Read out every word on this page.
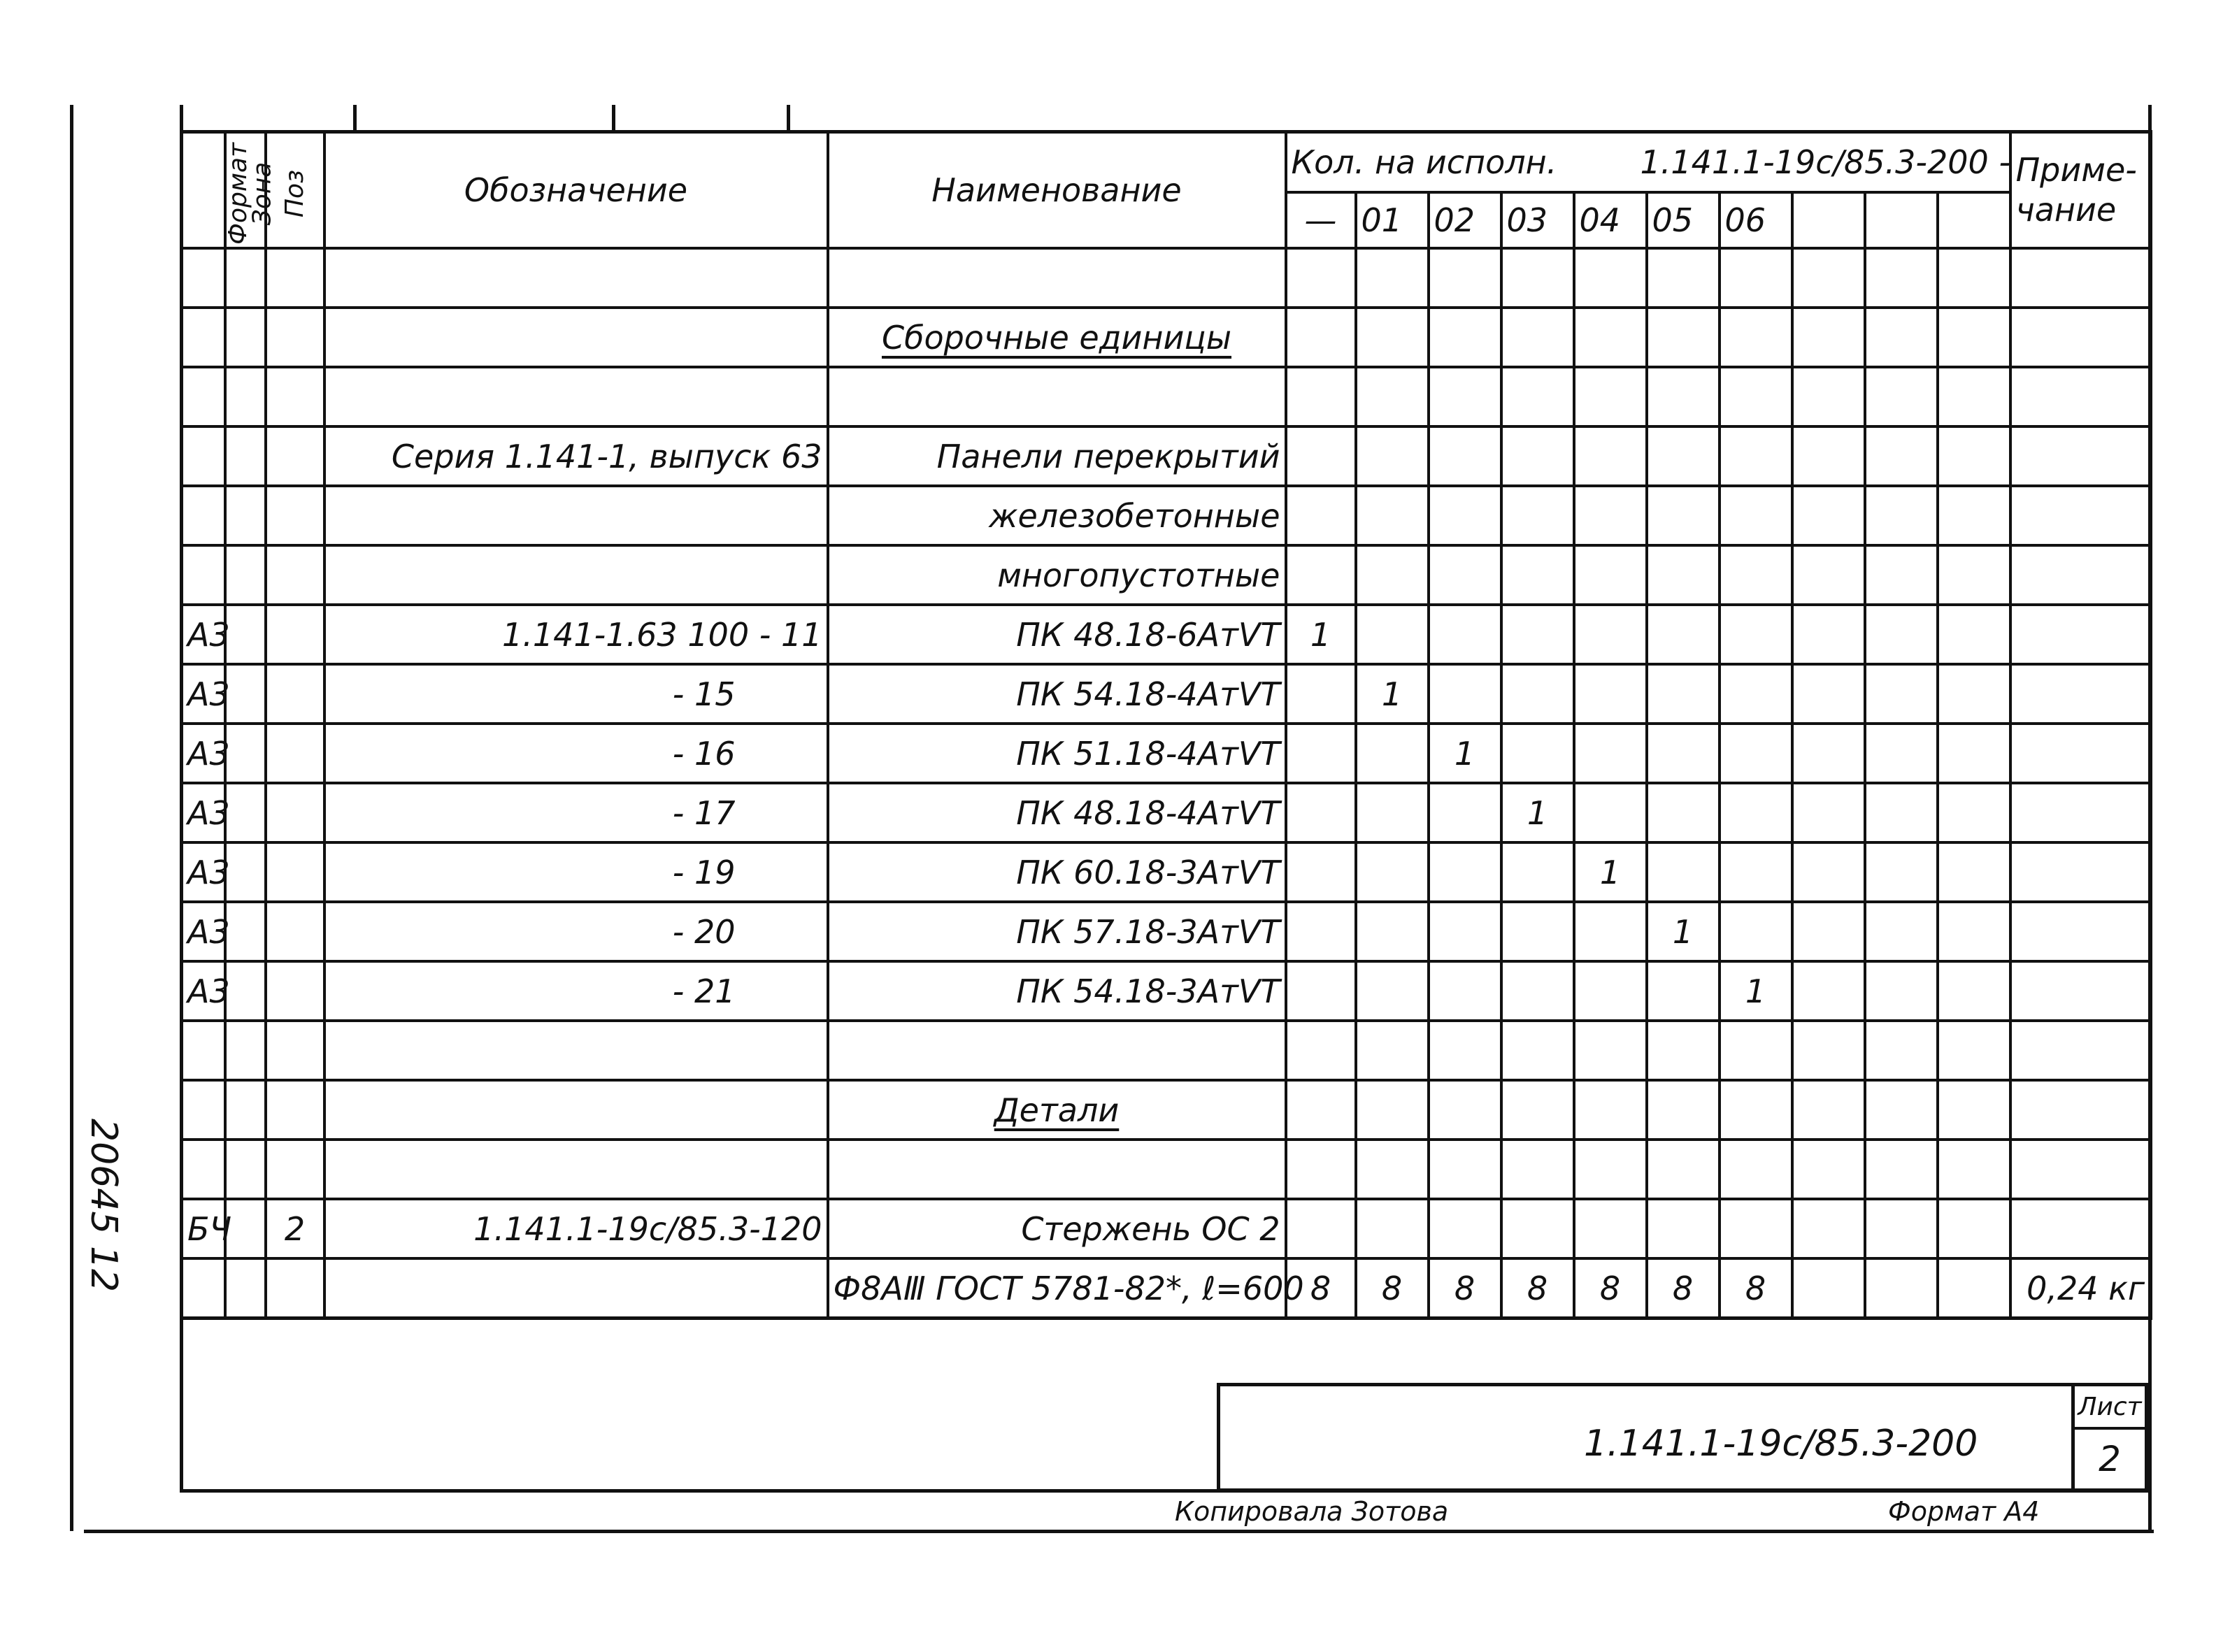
Формат	Зона	Поз	Обозначение	Наименование	Кол. на исполн. 1.141.1-19с/85.3-200 -										Приме-
чание
					—	01	02	03	04	05	06				

				Сборочные единицы											

			Серия 1.141-1, выпуск 63	Панели перекрытий											
				железобетонные											
				многопустотные											
А3			1.141-1.63 100 - 11	ПК 48.18-6АтⅤТ	1										
А3			- 15	ПК 54.18-4АтⅤТ		1									
А3			- 16	ПК 51.18-4АтⅤТ			1								
А3			- 17	ПК 48.18-4АтⅤТ				1							
А3			- 19	ПК 60.18-3АтⅤТ					1						
А3			- 20	ПК 57.18-3АтⅤТ						1					
А3			- 21	ПК 54.18-3АтⅤТ							1				

				Детали											

БЧ		2	1.141.1-19с/85.3-120	Стержень ОС 2											
				Ф8АⅢ ГОСТ 5781-82*, ℓ=600	8	8	8	8	8	8	8				0,24 кг
1.141.1-19с/85.3-200
Лист
2
Копировала Зотова	Формат А4
20645 12
